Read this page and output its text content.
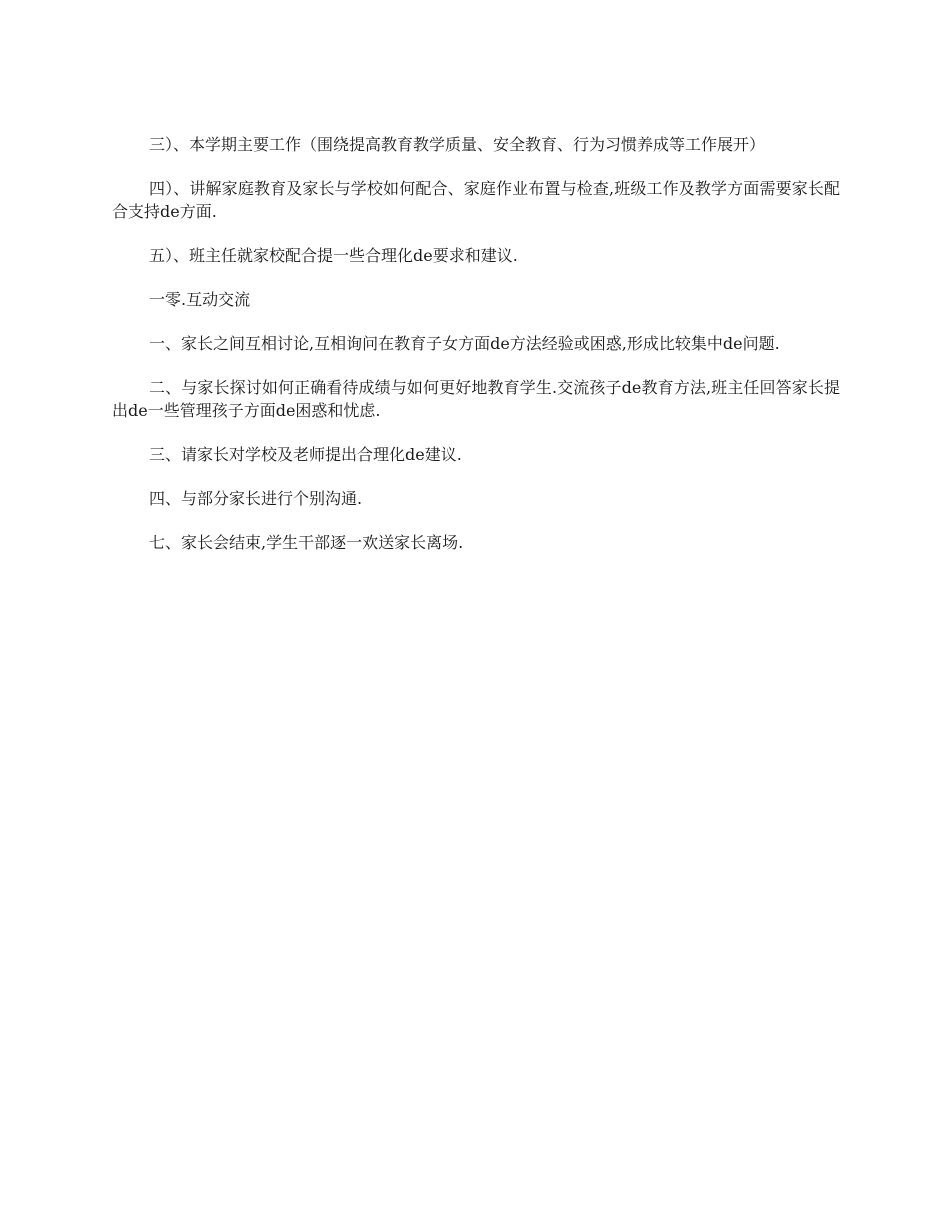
三）、本学期主要工作（围绕提高教育教学质量、安全教育、行为习惯养成等工作展开）

四）、讲解家庭教育及家长与学校如何配合、家庭作业布置与检查,班级工作及教学方面需要家长配合支持de方面.

五）、班主任就家校配合提一些合理化de要求和建议.

一零.互动交流

一、家长之间互相讨论,互相询问在教育子女方面de方法经验或困惑,形成比较集中de问题.

二、与家长探讨如何正确看待成绩与如何更好地教育学生.交流孩子de教育方法,班主任回答家长提出de一些管理孩子方面de困惑和忧虑.

三、请家长对学校及老师提出合理化de建议.

四、与部分家长进行个别沟通.

七、家长会结束,学生干部逐一欢送家长离场.
